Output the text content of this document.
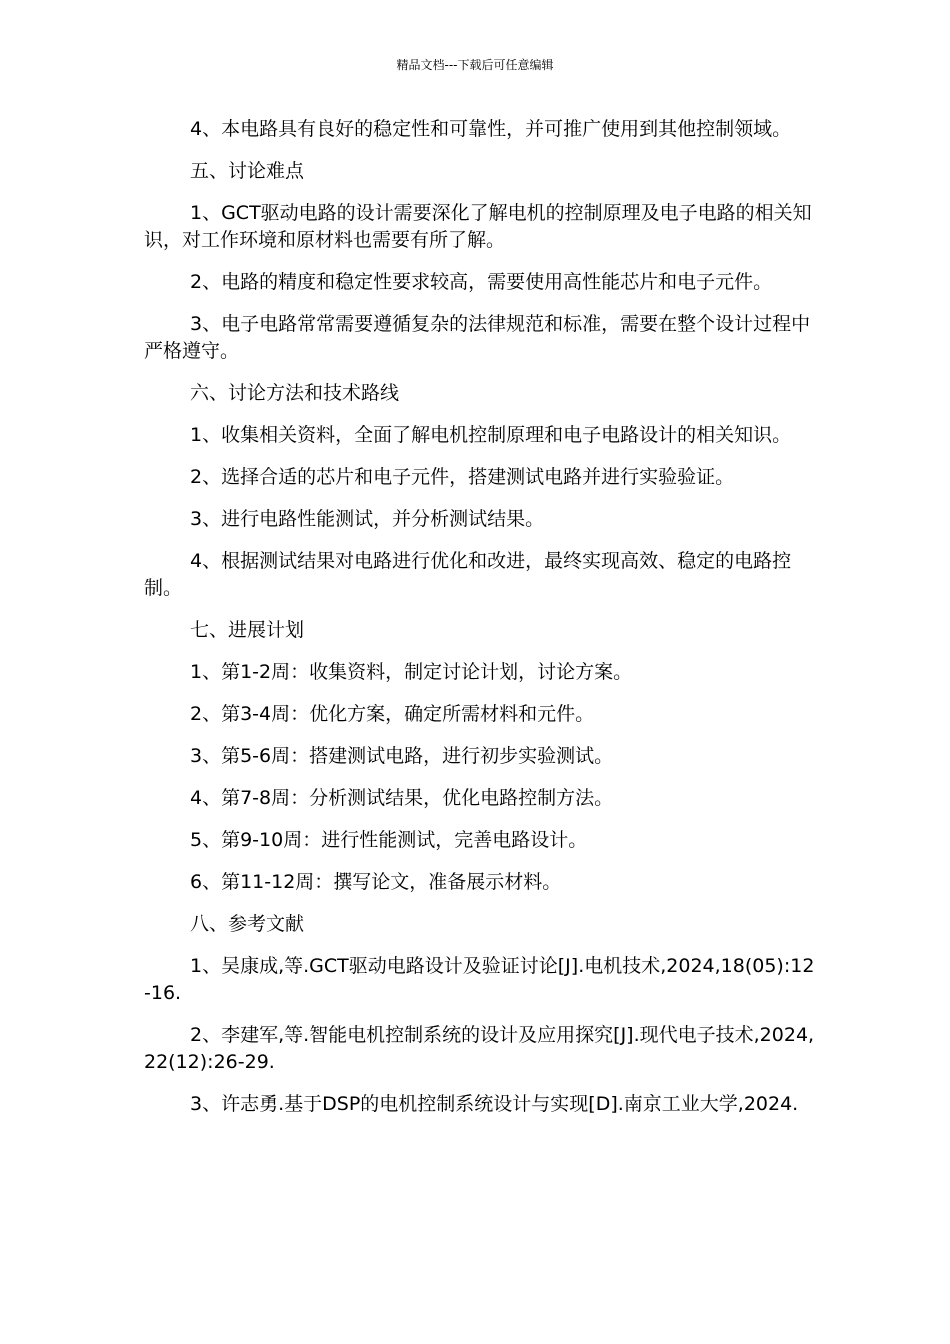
精品文档---下载后可任意编辑

4、本电路具有良好的稳定性和可靠性，并可推广使用到其他控制领域。

五、讨论难点

1、GCT驱动电路的设计需要深化了解电机的控制原理及电子电路的相关知识，对工作环境和原材料也需要有所了解。

2、电路的精度和稳定性要求较高，需要使用高性能芯片和电子元件。

3、电子电路常常需要遵循复杂的法律规范和标准，需要在整个设计过程中严格遵守。

六、讨论方法和技术路线

1、收集相关资料，全面了解电机控制原理和电子电路设计的相关知识。

2、选择合适的芯片和电子元件，搭建测试电路并进行实验验证。

3、进行电路性能测试，并分析测试结果。

4、根据测试结果对电路进行优化和改进，最终实现高效、稳定的电路控制。

七、进展计划

1、第1-2周：收集资料，制定讨论计划，讨论方案。

2、第3-4周：优化方案，确定所需材料和元件。

3、第5-6周：搭建测试电路，进行初步实验测试。

4、第7-8周：分析测试结果，优化电路控制方法。

5、第9-10周：进行性能测试，完善电路设计。

6、第11-12周：撰写论文，准备展示材料。

八、参考文献

1、吴康成,等.GCT驱动电路设计及验证讨论[J].电机技术,2024,18(05):12-16.

2、李建军,等.智能电机控制系统的设计及应用探究[J].现代电子技术,2024,22(12):26-29.

3、许志勇.基于DSP的电机控制系统设计与实现[D].南京工业大学,2024.
